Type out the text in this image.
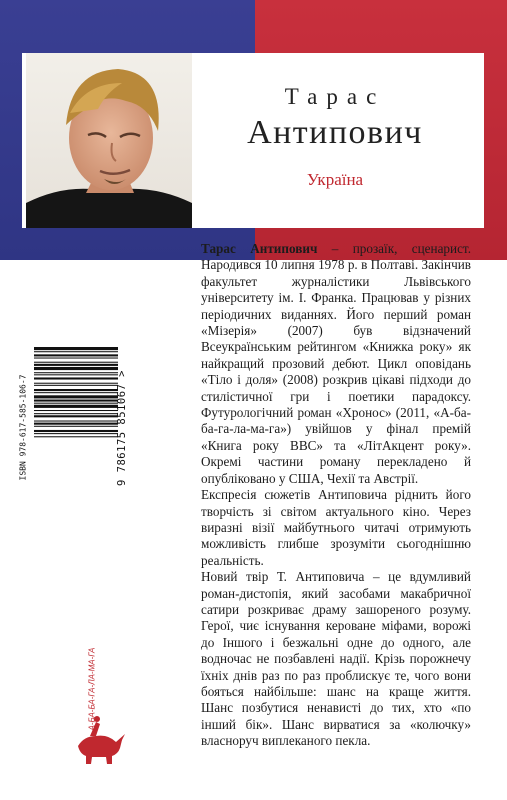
Тарас
Антипович
Україна
Тарас Антипович – прозаїк, сценарист. Народився 10 липня 1978 р. в Полтаві. Закінчив факультет журналістики Львівського університету ім. І. Франка. Працював у різних періодичних виданнях. Його перший роман «Мізерія» (2007) був відзначений Всеукраїнським рейтингом «Книжка року» як найкращий прозовий дебют. Цикл оповідань «Тіло і доля» (2008) розкрив цікаві підходи до стилістичної гри і поетики парадоксу. Футурологічний роман «Хронос» (2011, «А-ба-ба-га-ла-ма-га») увійшов у фінал премій «Книга року ВВС» та «ЛітАкцент року». Окремі частини роману перекладено й опубліковано у США, Чехії та Австрії.
Експресія сюжетів Антиповича ріднить його творчість зі світом актуального кіно. Через виразні візії майбутнього читачі отримують можливість глибше зрозуміти сьогоднішню реальність.
Новий твір Т. Антиповича – це вдумливий роман-дистопія, який засобами макабричної сатири розкриває драму зашореного розуму. Герої, чиє існування кероване міфами, ворожі до Іншого і безжальні одне до одного, але водночас не позбавлені надії. Крізь порожнечу їхніх днів раз по раз проблискує те, чого вони бояться найбільше: шанс на краще життя. Шанс позбутися ненависті до тих, хто «по інший бік». Шанс вирватися за «колючку» власноруч виплеканого пекла.
ISBN 978-617-585-106-7	9 786175 851067 >
А-БА-БА-ГА-ЛА-МА-ГА
